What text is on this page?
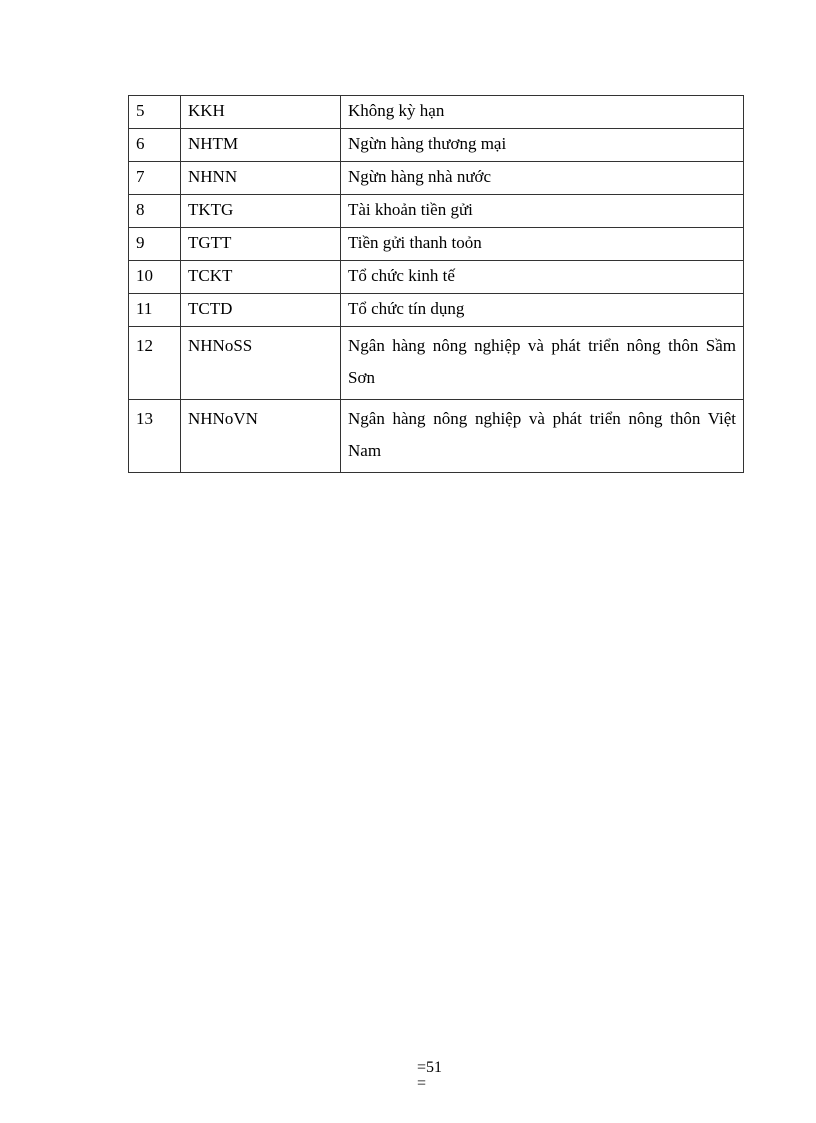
5	KKH	Không kỳ hạn
6	NHTM	Ngừn hàng thương mại
7	NHNN	Ngừn hàng nhà nước
8	TKTG	Tài khoản tiền gửi
9	TGTT	Tiền gửi thanh toỏn
10	TCKT	Tổ chức kinh tế
11	TCTD	Tổ chức tín dụng
12	NHNoSS	Ngân hàng nông nghiệp và phát triển nông thôn Sầm Sơn
13	NHNoVN	Ngân hàng nông nghiệp và phát triển nông thôn Việt Nam
=51
=
